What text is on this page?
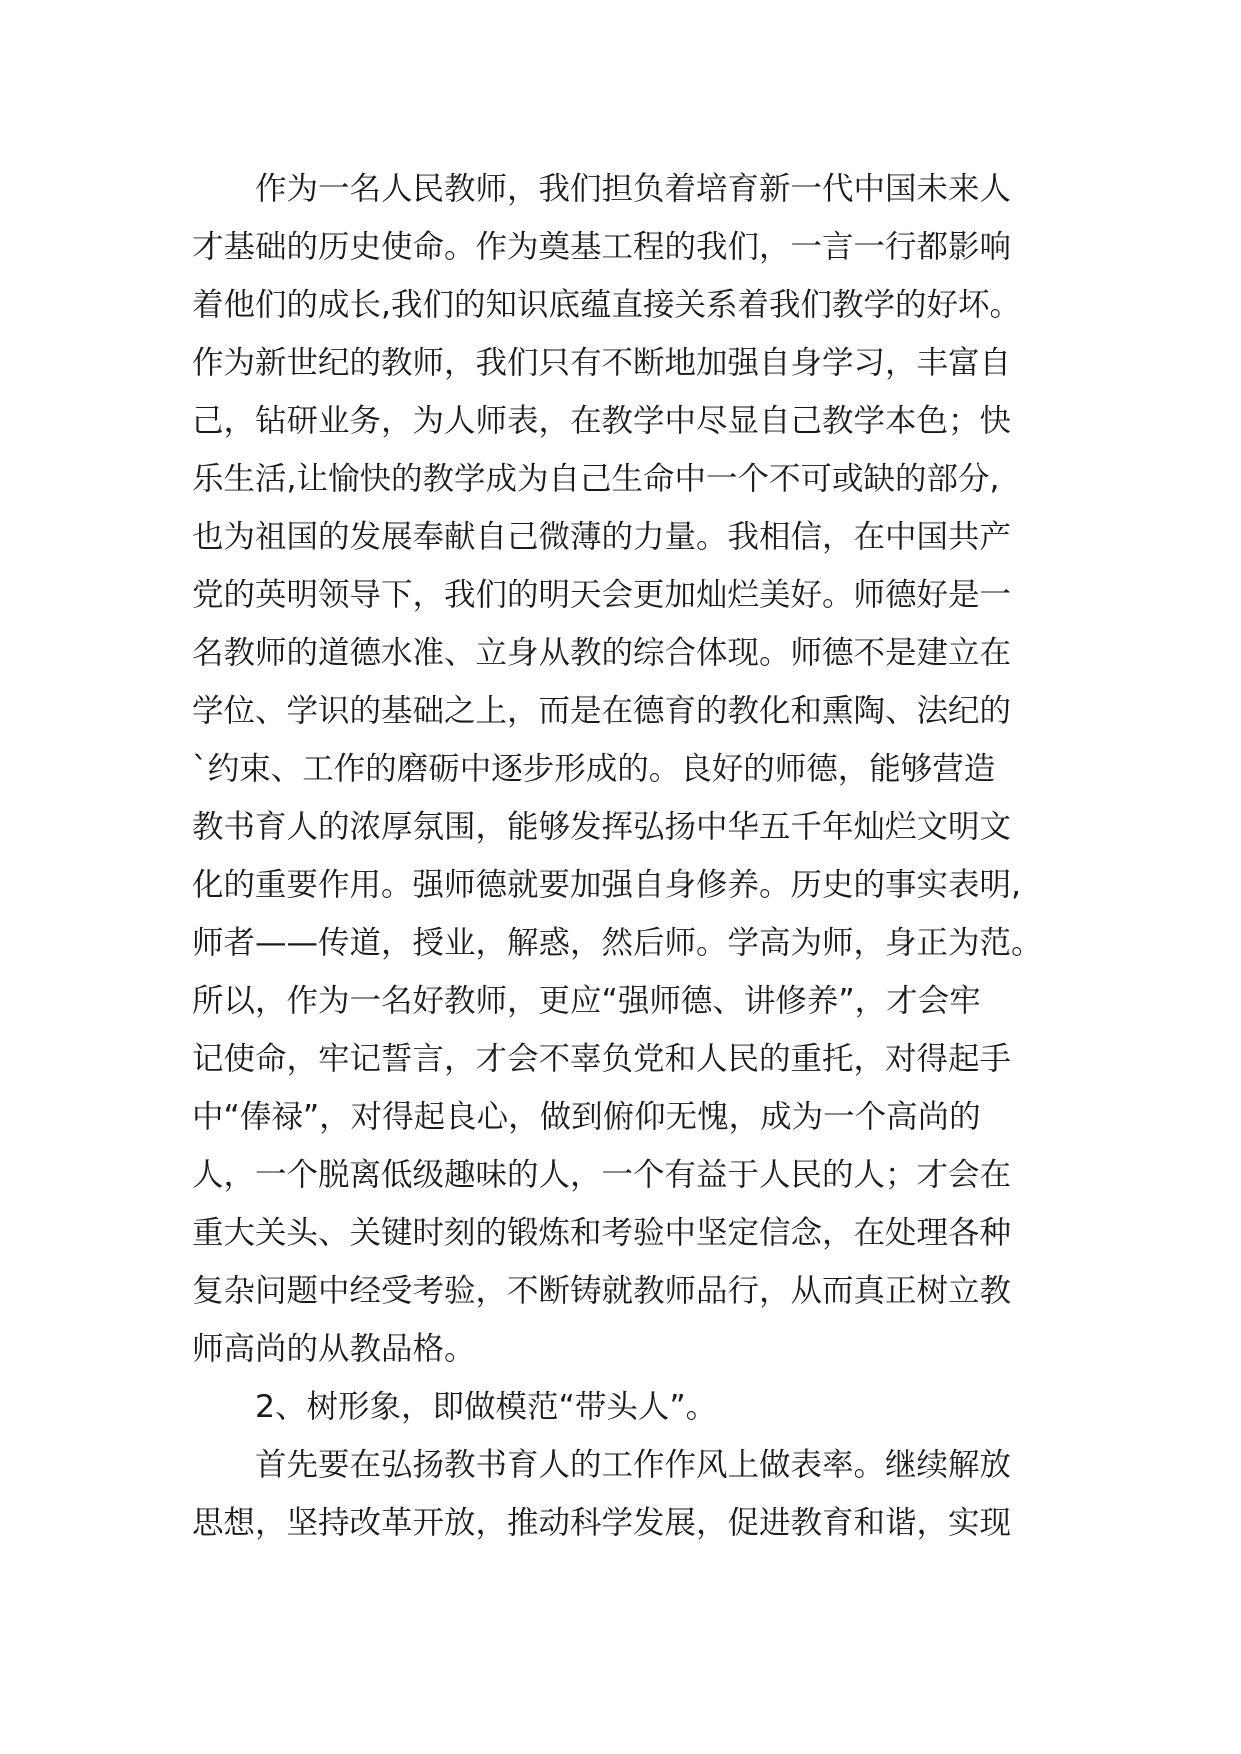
作为一名人民教师，我们担负着培育新一代中国未来人
才基础的历史使命。作为奠基工程的我们，一言一行都影响
着他们的成长,我们的知识底蕴直接关系着我们教学的好坏。
作为新世纪的教师，我们只有不断地加强自身学习，丰富自
己，钻研业务，为人师表，在教学中尽显自己教学本色；快
乐生活,让愉快的教学成为自己生命中一个不可或缺的部分,
也为祖国的发展奉献自己微薄的力量。我相信，在中国共产
党的英明领导下，我们的明天会更加灿烂美好。师德好是一
名教师的道德水准、立身从教的综合体现。师德不是建立在
学位、学识的基础之上，而是在德育的教化和熏陶、法纪的
`约束、工作的磨砺中逐步形成的。良好的师德，能够营造
教书育人的浓厚氛围，能够发挥弘扬中华五千年灿烂文明文
化的重要作用。强师德就要加强自身修养。历史的事实表明,
师者——传道，授业，解惑，然后师。学高为师，身正为范。
所以，作为一名好教师，更应“强师德、讲修养”，才会牢
记使命，牢记誓言，才会不辜负党和人民的重托，对得起手
中“俸禄”，对得起良心，做到俯仰无愧，成为一个高尚的
人，一个脱离低级趣味的人，一个有益于人民的人；才会在
重大关头、关键时刻的锻炼和考验中坚定信念，在处理各种
复杂问题中经受考验，不断铸就教师品行，从而真正树立教
师高尚的从教品格。
2、树形象，即做模范“带头人”。
首先要在弘扬教书育人的工作作风上做表率。继续解放
思想，坚持改革开放，推动科学发展，促进教育和谐，实现
